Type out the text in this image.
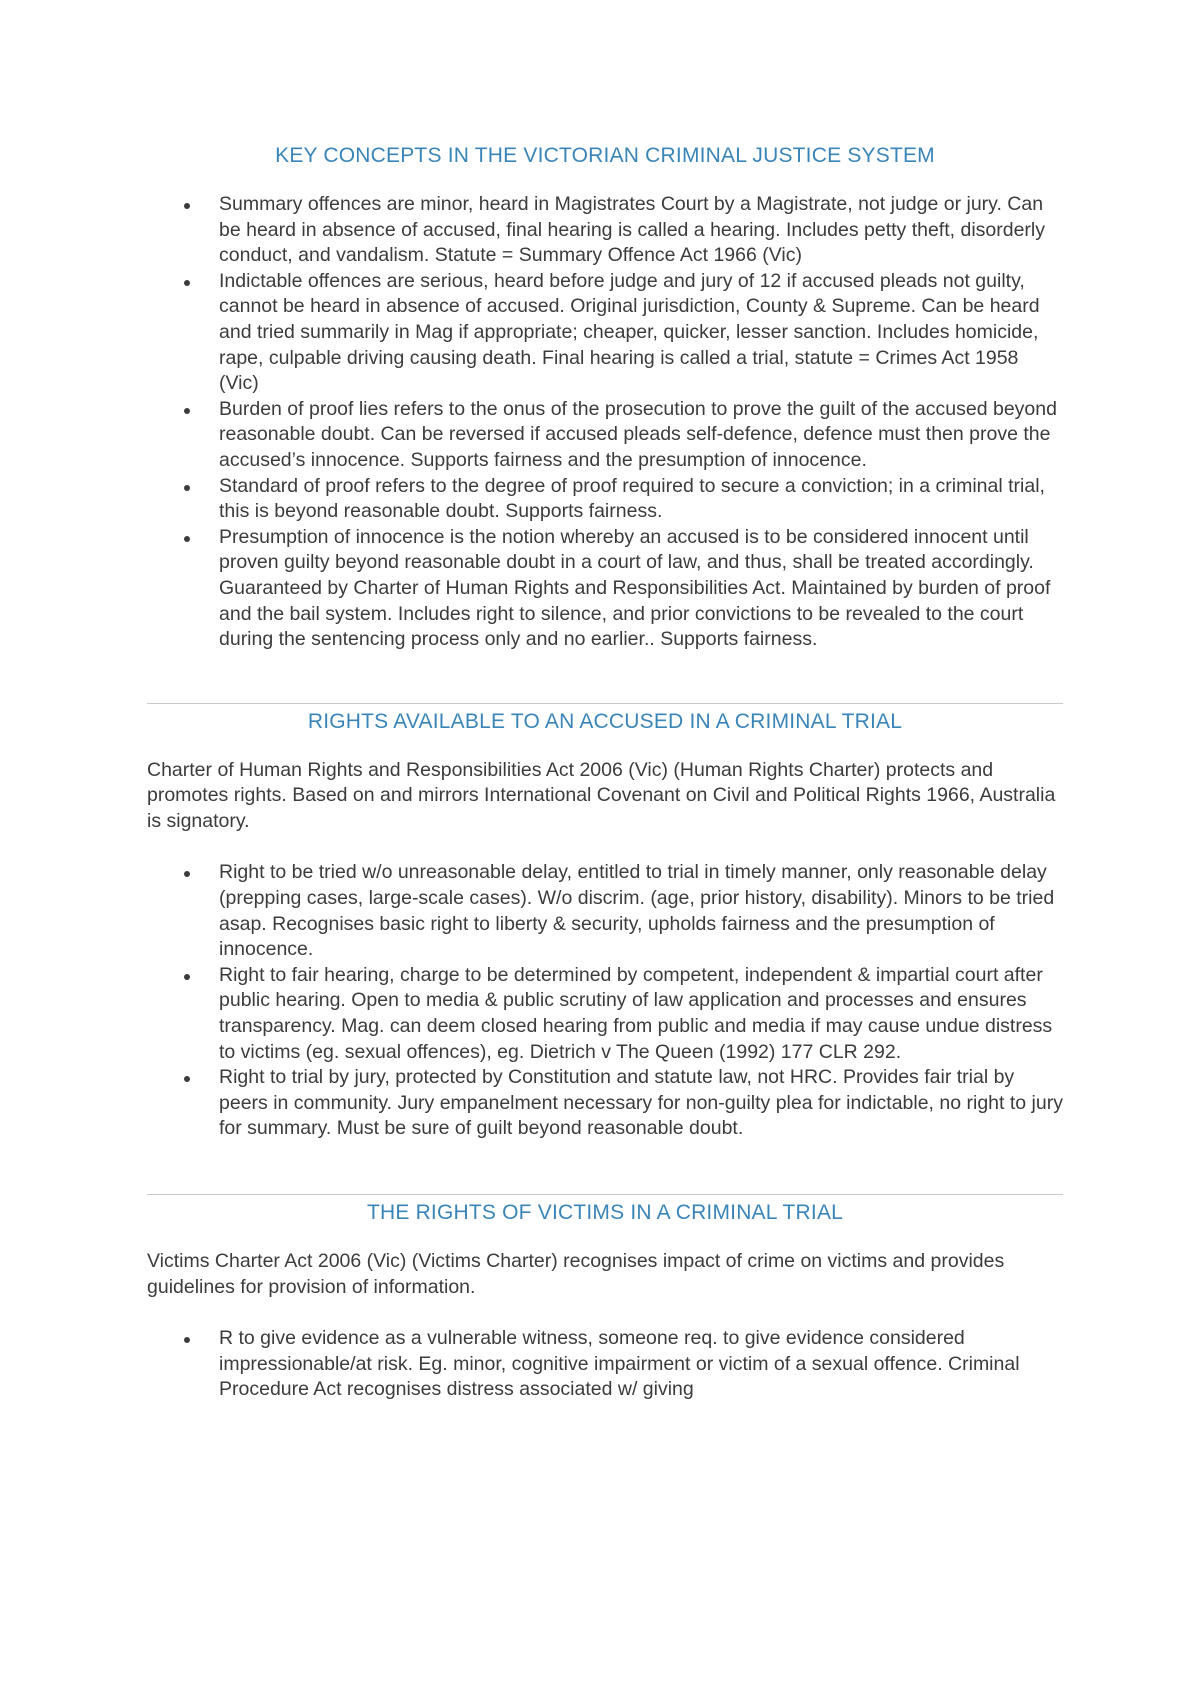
KEY CONCEPTS IN THE VICTORIAN CRIMINAL JUSTICE SYSTEM
Summary offences are minor, heard in Magistrates Court by a Magistrate, not judge or jury. Can be heard in absence of accused, final hearing is called a hearing. Includes petty theft, disorderly conduct, and vandalism. Statute = Summary Offence Act 1966 (Vic)
Indictable offences are serious, heard before judge and jury of 12 if accused pleads not guilty, cannot be heard in absence of accused. Original jurisdiction, County & Supreme. Can be heard and tried summarily in Mag if appropriate; cheaper, quicker, lesser sanction. Includes homicide, rape, culpable driving causing death. Final hearing is called a trial, statute = Crimes Act 1958 (Vic)
Burden of proof lies refers to the onus of the prosecution to prove the guilt of the accused beyond reasonable doubt. Can be reversed if accused pleads self-defence, defence must then prove the accused’s innocence. Supports fairness and the presumption of innocence.
Standard of proof refers to the degree of proof required to secure a conviction; in a criminal trial, this is beyond reasonable doubt. Supports fairness.
Presumption of innocence is the notion whereby an accused is to be considered innocent until proven guilty beyond reasonable doubt in a court of law, and thus, shall be treated accordingly. Guaranteed by Charter of Human Rights and Responsibilities Act. Maintained by burden of proof and the bail system. Includes right to silence, and prior convictions to be revealed to the court during the sentencing process only and no earlier.. Supports fairness.
RIGHTS AVAILABLE TO AN ACCUSED IN A CRIMINAL TRIAL

Charter of Human Rights and Responsibilities Act 2006 (Vic) (Human Rights Charter) protects and promotes rights. Based on and mirrors International Covenant on Civil and Political Rights 1966, Australia is signatory.

Right to be tried w/o unreasonable delay, entitled to trial in timely manner, only reasonable delay (prepping cases, large-scale cases). W/o discrim. (age, prior history, disability). Minors to be tried asap. Recognises basic right to liberty & security, upholds fairness and the presumption of innocence.
Right to fair hearing, charge to be determined by competent, independent & impartial court after public hearing. Open to media & public scrutiny of law application and processes and ensures transparency. Mag. can deem closed hearing from public and media if may cause undue distress to victims (eg. sexual offences), eg. Dietrich v The Queen (1992) 177 CLR 292.
Right to trial by jury, protected by Constitution and statute law, not HRC. Provides fair trial by peers in community. Jury empanelment necessary for non-guilty plea for indictable, no right to jury for summary. Must be sure of guilt beyond reasonable doubt.
THE RIGHTS OF VICTIMS IN A CRIMINAL TRIAL

Victims Charter Act 2006 (Vic) (Victims Charter) recognises impact of crime on victims and provides guidelines for provision of information.

R to give evidence as a vulnerable witness, someone req. to give evidence considered impressionable/at risk. Eg. minor, cognitive impairment or victim of a sexual offence. Criminal Procedure Act recognises distress associated w/ giving
